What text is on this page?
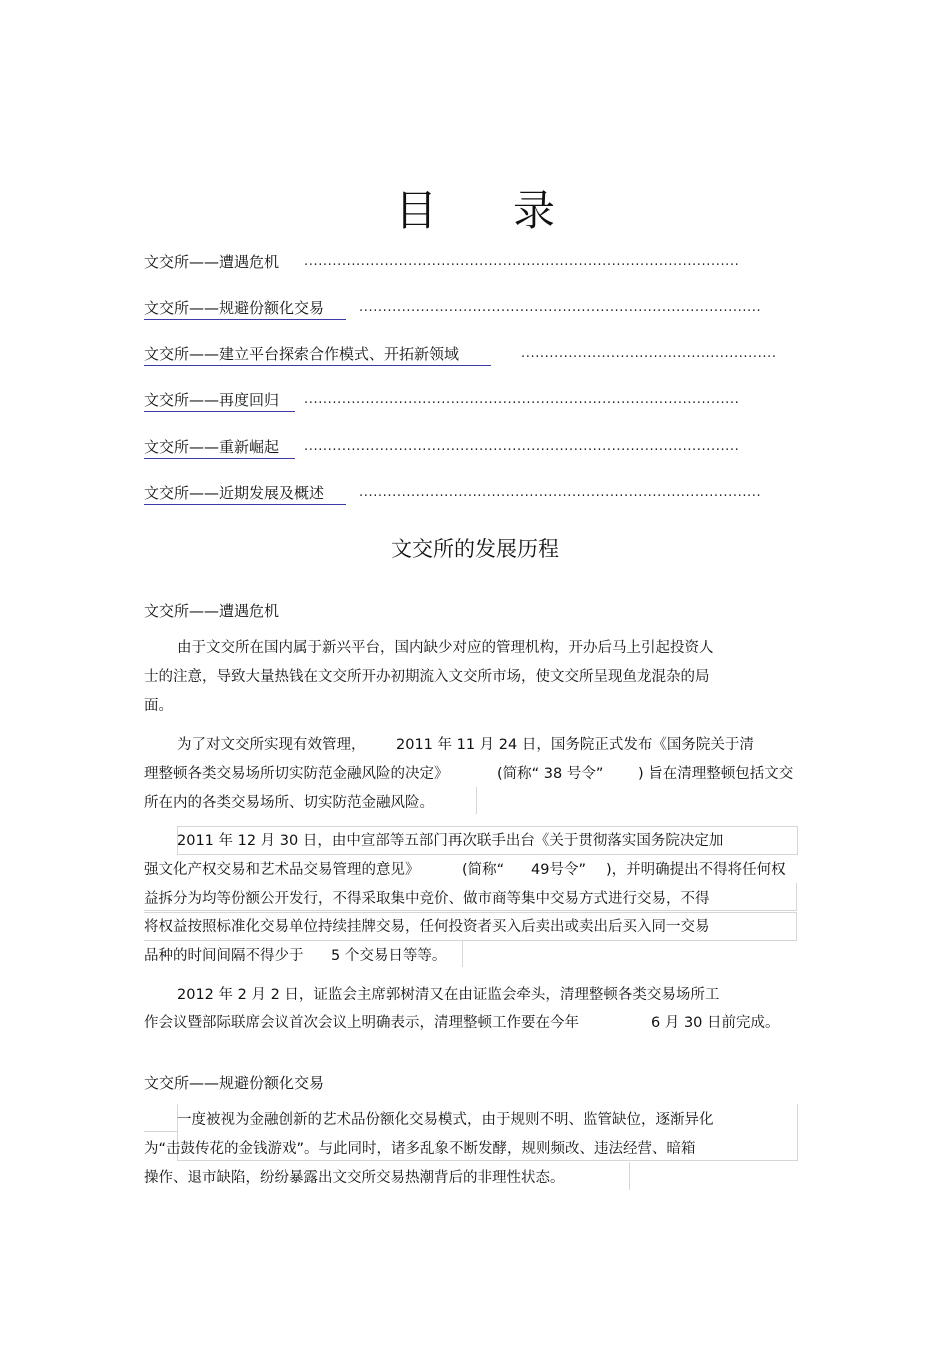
目 录
文交所——遭遇危机 ............................................................................................
文交所——规避份额化交易	.....................................................................................
文交所——建立平台探索合作模式、开拓新领域	......................................................
文交所——再度回归	............................................................................................
文交所——重新崛起	............................................................................................
文交所——近期发展及概述	.....................................................................................
文交所的发展历程
文交所——遭遇危机
由于文交所在国内属于新兴平台，国内缺少对应的管理机构，开办后马上引起投资人
士的注意，导致大量热钱在文交所开办初期流入文交所市场，使文交所呈现鱼龙混杂的局
面。
为了对文交所实现有效管理， 2011 年 11 月 24 日，国务院正式发布《国务院关于清
理整顿各类交易场所切实防范金融风险的决定》	(简称“ 38 号令” ) 旨在清理整顿包括文交
所在内的各类交易场所、切实防范金融风险。
2011 年 12 月 30 日，由中宣部等五部门再次联手出台《关于贯彻落实国务院决定加
强文化产权交易和艺术品交易管理的意见》	(简称“ 49号令” )，并明确提出不得将任何权
益拆分为均等份额公开发行，不得采取集中竞价、做市商等集中交易方式进行交易，不得
将权益按照标准化交易单位持续挂牌交易，任何投资者买入后卖出或卖出后买入同一交易
品种的时间间隔不得少于 5 个交易日等等。
2012 年 2 月 2 日，证监会主席郭树清又在由证监会牵头，清理整顿各类交易场所工
作会议暨部际联席会议首次会议上明确表示，清理整顿工作要在今年	6 月 30 日前完成。
文交所——规避份额化交易
一度被视为金融创新的艺术品份额化交易模式，由于规则不明、监管缺位，逐渐异化
为“击鼓传花的金钱游戏”。与此同时，诸多乱象不断发酵，规则频改、违法经营、暗箱
操作、退市缺陷，纷纷暴露出文交所交易热潮背后的非理性状态。
